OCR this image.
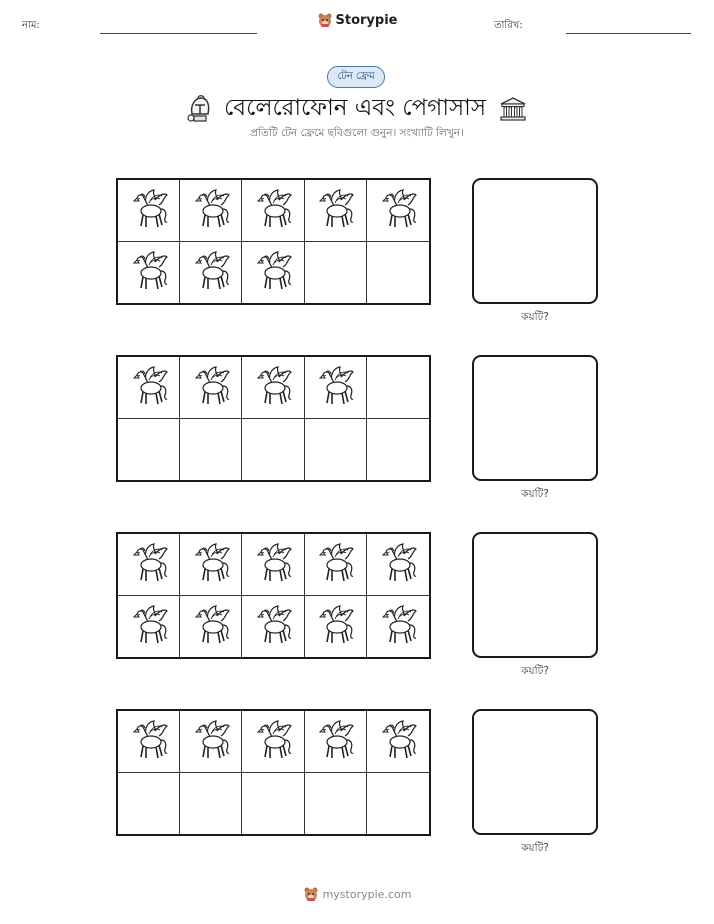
নাম:	Storypie	তারিখ:
টেন ফ্রেম
বেলেরোফোন এবং পেগাসাস
প্রতিটি টেন ফ্রেমে ছবিগুলো গুনুন। সংখ্যাটি লিখুন।
কয়টি?
কয়টি?
কয়টি?
কয়টি?
mystorypie.com
